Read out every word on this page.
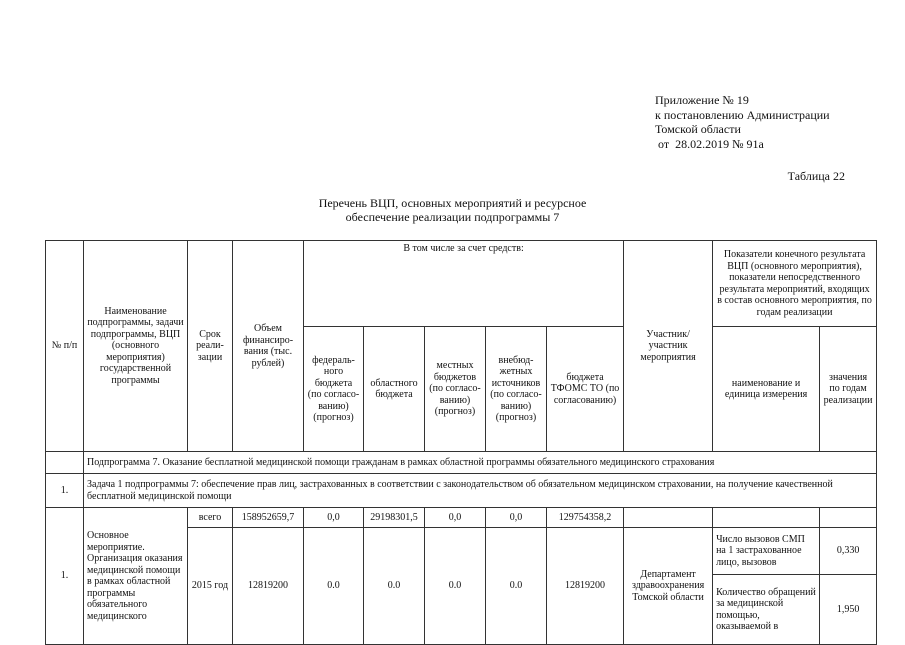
Приложение № 19
к постановлению Администрации
Томской области
от  28.02.2019 № 91а
Таблица 22
Перечень ВЦП, основных мероприятий и ресурсное
обеспечение реализации подпрограммы 7
№ п/п	Наименование подпрограммы, задачи подпрограммы, ВЦП (основного мероприятия) государственной программы	Срок реали-зации	Объем финансиро-вания (тыс. рублей)	В том числе за счет средств:					Участник/ участник мероприятия	Показатели конечного результата ВЦП (основного мероприятия), показатели непосредственного результата мероприятий, входящих в состав основного мероприятия, по годам реализации	
				федераль-ного бюджета (по согласо-ванию) (прогноз)	областного бюджета	местных бюджетов (по согласо-ванию) (прогноз)	внебюд-жетных источников (по согласо-ванию) (прогноз)	бюджета ТФОМС ТО (по согласованию)		наименование и единица измерения	значения по годам реализации
	Подпрограмма 7. Оказание бесплатной медицинской помощи гражданам в рамках областной программы обязательного медицинского страхования										
1.	Задача 1 подпрограммы 7: обеспечение прав лиц, застрахованных в соответствии с законодательством об обязательном медицинском страховании, на получение качественной бесплатной медицинской помощи										
1.	Основное мероприятие. Организация оказания медицинской помощи в рамках областной программы обязательного медицинского	всего	158952659,7	0,0	29198301,5	0,0	0,0	129754358,2			
		2015 год	12819200	0.0	0.0	0.0	0.0	12819200	Департамент здравоохранения Томской области	Число вызовов СМП на 1 застрахованное лицо, вызовов	0,330
										Количество обращений за медицинской помощью, оказываемой в	1,950
